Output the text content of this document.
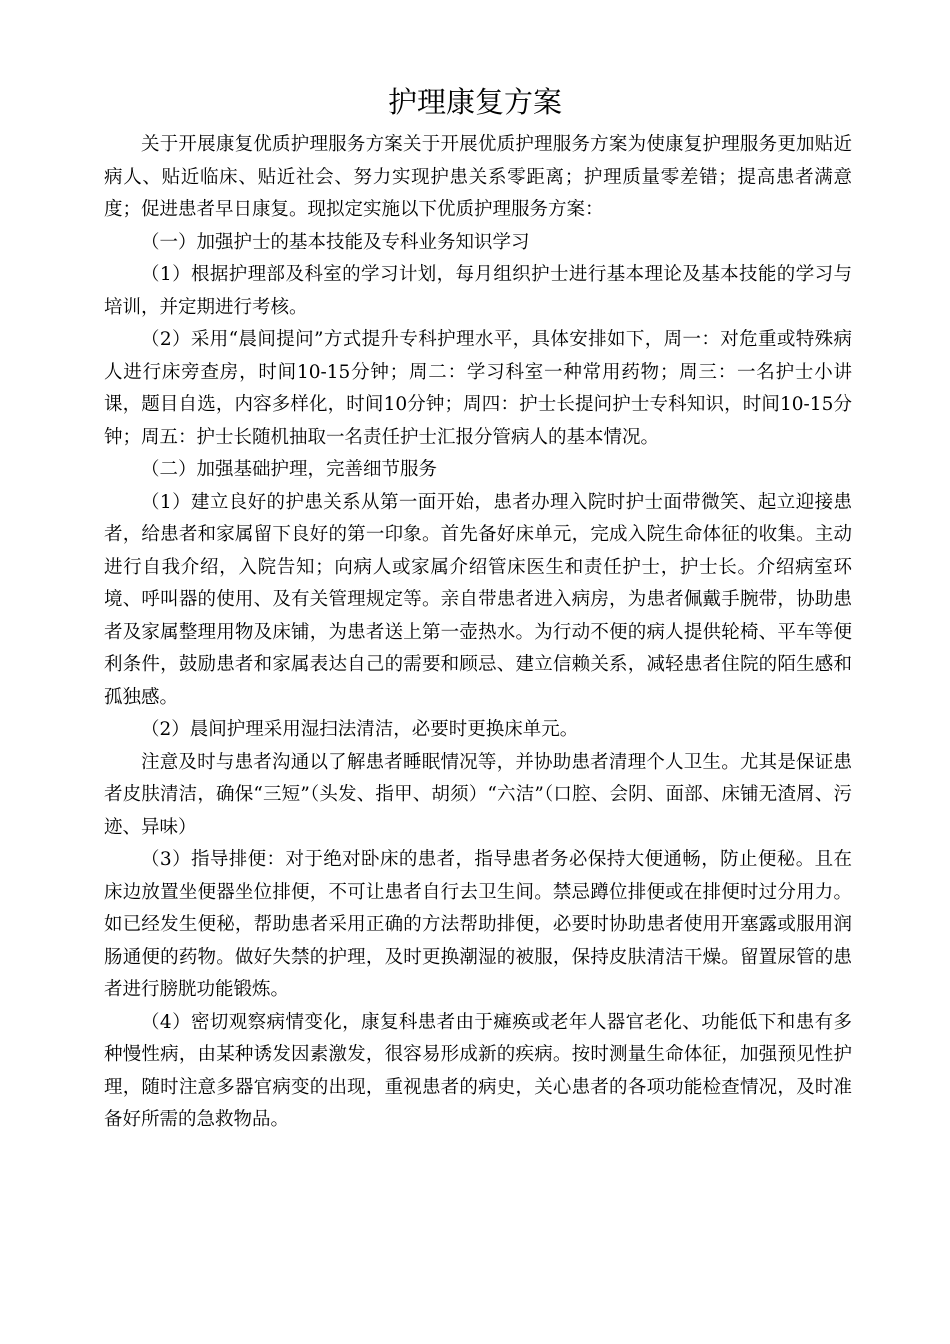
护理康复方案

关于开展康复优质护理服务方案关于开展优质护理服务方案为使康复护理服务更加贴近病人、贴近临床、贴近社会、努力实现护患关系零距离；护理质量零差错；提高患者满意度；促进患者早日康复。现拟定实施以下优质护理服务方案：

（一）加强护士的基本技能及专科业务知识学习

（1）根据护理部及科室的学习计划，每月组织护士进行基本理论及基本技能的学习与培训，并定期进行考核。

（2）采用“晨间提问”方式提升专科护理水平，具体安排如下，周一：对危重或特殊病人进行床旁查房，时间10-15分钟；周二：学习科室一种常用药物；周三：一名护士小讲课，题目自选，内容多样化，时间10分钟；周四：护士长提问护士专科知识，时间10-15分钟；周五：护士长随机抽取一名责任护士汇报分管病人的基本情况。

（二）加强基础护理，完善细节服务

（1）建立良好的护患关系从第一面开始，患者办理入院时护士面带微笑、起立迎接患者，给患者和家属留下良好的第一印象。首先备好床单元，完成入院生命体征的收集。主动进行自我介绍，入院告知；向病人或家属介绍管床医生和责任护士，护士长。介绍病室环境、呼叫器的使用、及有关管理规定等。亲自带患者进入病房，为患者佩戴手腕带，协助患者及家属整理用物及床铺，为患者送上第一壶热水。为行动不便的病人提供轮椅、平车等便利条件，鼓励患者和家属表达自己的需要和顾忌、建立信赖关系，减轻患者住院的陌生感和孤独感。

（2）晨间护理采用湿扫法清洁，必要时更换床单元。

注意及时与患者沟通以了解患者睡眠情况等，并协助患者清理个人卫生。尤其是保证患者皮肤清洁，确保“三短”（头发、指甲、胡须）“六洁”（口腔、会阴、面部、床铺无渣屑、污迹、异味）

（3）指导排便：对于绝对卧床的患者，指导患者务必保持大便通畅，防止便秘。且在床边放置坐便器坐位排便，不可让患者自行去卫生间。禁忌蹲位排便或在排便时过分用力。如已经发生便秘，帮助患者采用正确的方法帮助排便，必要时协助患者使用开塞露或服用润肠通便的药物。做好失禁的护理，及时更换潮湿的被服，保持皮肤清洁干燥。留置尿管的患者进行膀胱功能锻炼。

（4）密切观察病情变化，康复科患者由于瘫痪或老年人器官老化、功能低下和患有多种慢性病，由某种诱发因素激发，很容易形成新的疾病。按时测量生命体征，加强预见性护理，随时注意多器官病变的出现，重视患者的病史，关心患者的各项功能检查情况，及时准备好所需的急救物品。
